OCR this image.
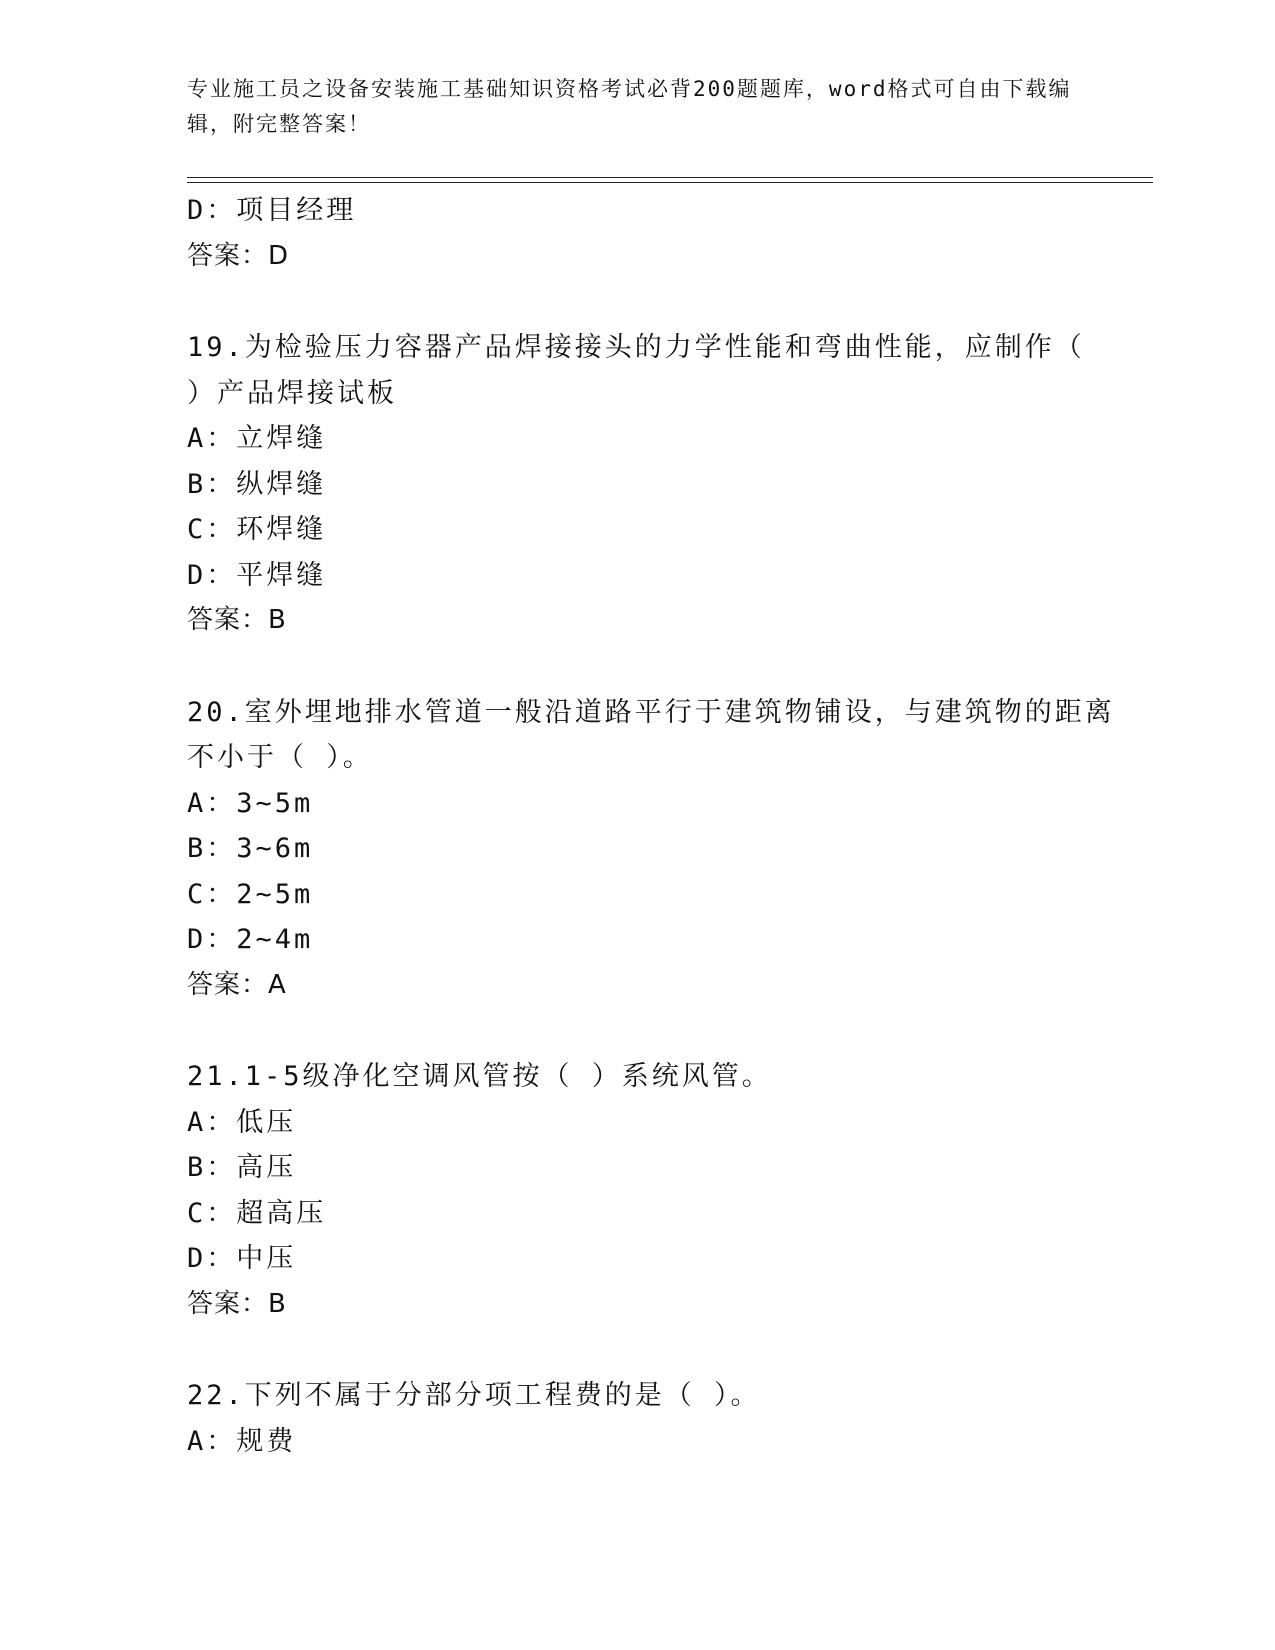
专业施工员之设备安装施工基础知识资格考试必背200题题库，word格式可自由下载编辑，附完整答案！
D：项目经理
答案：D
19.为检验压力容器产品焊接接头的力学性能和弯曲性能，应制作（
）产品焊接试板
A：立焊缝
B：纵焊缝
C：环焊缝
D：平焊缝
答案：B
20.室外埋地排水管道一般沿道路平行于建筑物铺设，与建筑物的距离
不小于（ ）。
A：3~5m
B：3~6m
C：2~5m
D：2~4m
答案：A
21.1-5级净化空调风管按（ ）系统风管。
A：低压
B：高压
C：超高压
D：中压
答案：B
22.下列不属于分部分项工程费的是（ ）。
A：规费
